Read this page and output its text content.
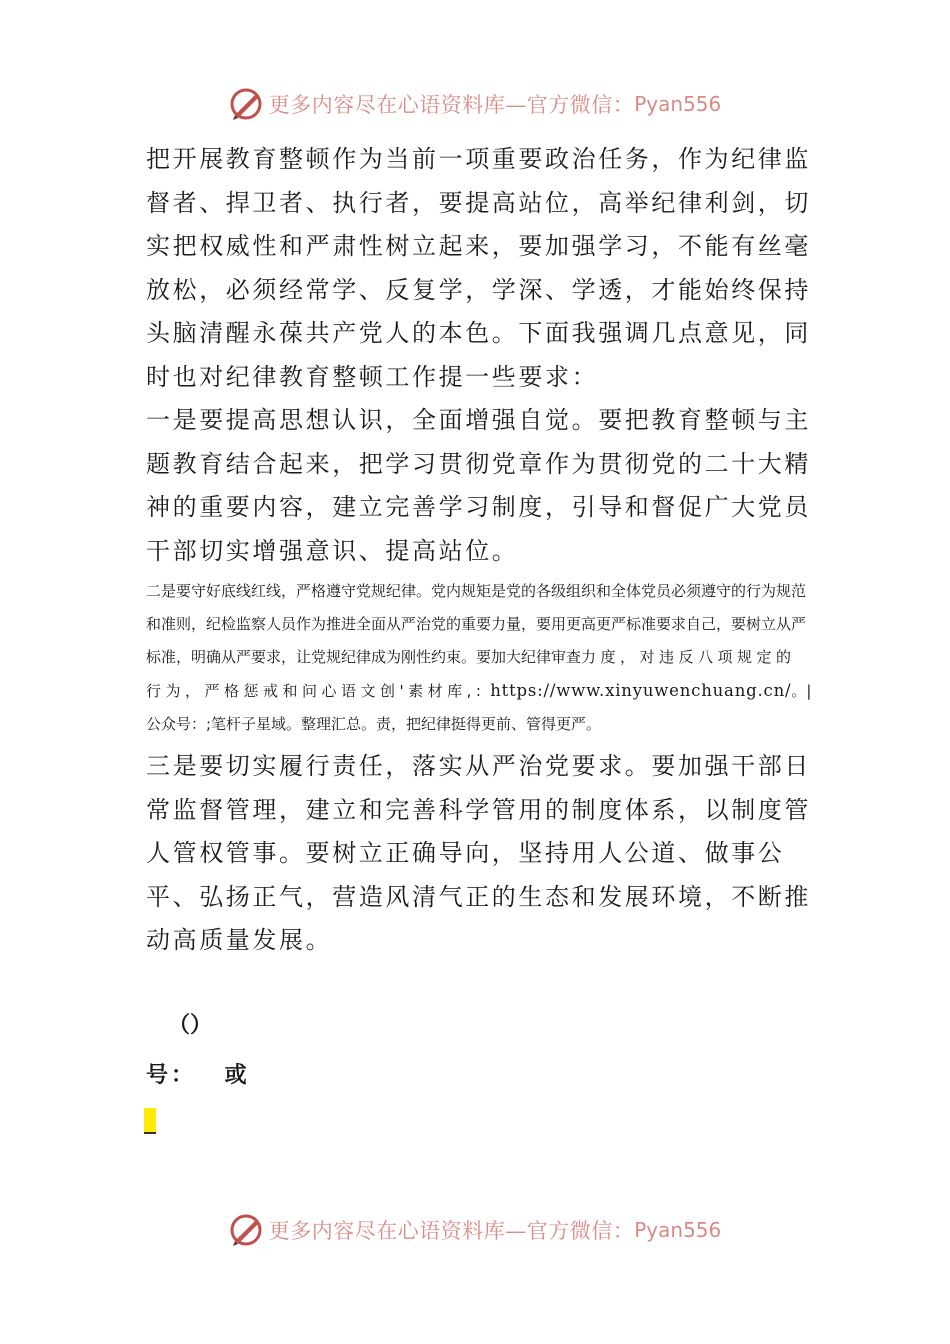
更多内容尽在心语资料库—官方微信： Pyan556

把开展教育整顿作为当前一项重要政治任务，作为纪律监督者、捍卫者、执行者，要提高站位，高举纪律利剑，切实把权威性和严肃性树立起来，要加强学习，不能有丝毫放松，必须经常学、反复学，学深、学透，才能始终保持头脑清醒永葆共产党人的本色。下面我强调几点意见，同时也对纪律教育整顿工作提一些要求：

一是要提高思想认识，全面增强自觉。要把教育整顿与主题教育结合起来，把学习贯彻党章作为贯彻党的二十大精神的重要内容，建立完善学习制度，引导和督促广大党员干部切实增强意识、提高站位。

二是要守好底线红线，严格遵守党规纪律。党内规矩是党的各级组织和全体党员必须遵守的行为规范和准则，纪检监察人员作为推进全面从严治党的重要力量，要用更高更严标准要求自己，要树立从严标准，明确从严要求，让党规纪律成为刚性约束。要加大纪律审查力度，对违反八项规定的行为，严格惩戒和问心语文创'素材库,: https://www.xinyuwenchuang.cn/。|公众号：;笔杆子星域。整理汇总。责，把纪律挺得更前、管得更严。

三是要切实履行责任，落实从严治党要求。要加强干部日常监督管理，建立和完善科学管用的制度体系，以制度管人管权管事。要树立正确导向，坚持用人公道、做事公平、弘扬正气，营造风清气正的生态和发展环境，不断推动高质量发展。

（）
号： 或
更多内容尽在心语资料库—官方微信： Pyan556
